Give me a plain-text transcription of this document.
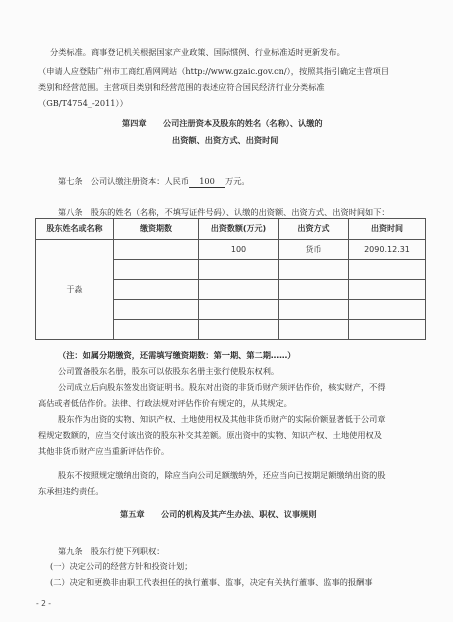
分类标准。商事登记机关根据国家产业政策、国际惯例、行业标准适时更新发布。
（申请人应登陆广州市工商红盾网网站（http://www.gzaic.gov.cn/），按照其指引确定主营项目
类别和经营范围。主营项目类别和经营范围的表述应符合国民经济行业分类标准
（GB/T4754_-2011））
第四章　　公司注册资本及股东的姓名（名称）、认缴的
出资额、出资方式、出资时间
第七条　公司认缴注册资本：人民币 100 万元。
第八条　股东的姓名（名称，不填写证件号码）、认缴的出资额、出资方式、出资时间如下：
股东姓名或名称	缴资期数	出资数额(万元)	出资方式	出资时间
于淼		100	货币	2090.12.31

（注：如属分期缴资，还需填写缴资期数：第一期、第二期……）
公司置备股东名册，股东可以依股东名册主张行使股东权利。
公司成立后向股东签发出资证明书。股东对出资的非货币财产须评估作价，核实财产，不得
高估或者低估作价。法律、行政法规对评估作价有规定的，从其规定。
股东作为出资的实物、知识产权、土地使用权及其他非货币财产的实际价额显著低于公司章
程规定数额的，应当交付该出资的股东补交其差额。原出资中的实物、知识产权、土地使用权及
其他非货币财产应当重新评估作价。
股东不按照规定缴纳出资的，除应当向公司足额缴纳外，还应当向已按期足额缴纳出资的股
东承担违约责任。
第五章　　公司的机构及其产生办法、职权、议事规则
第九条　股东行使下列职权：
(一）决定公司的经营方针和投资计划；
(二）决定和更换非由职工代表担任的执行董事、监事，决定有关执行董事、监事的报酬事
- 2 -
